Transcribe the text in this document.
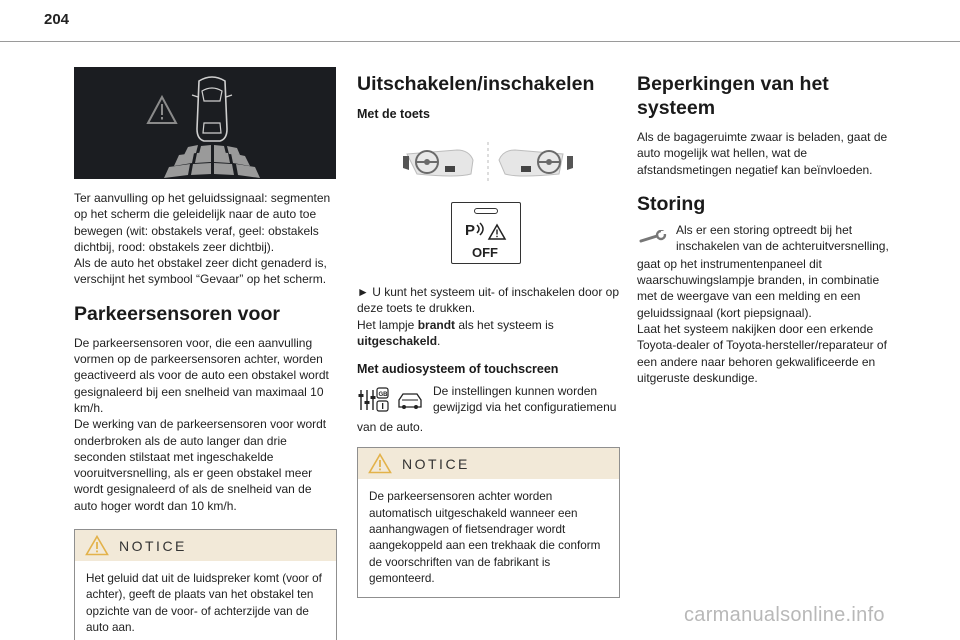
204

Ter aanvulling op het geluidssignaal: segmenten op het scherm die geleidelijk naar de auto toe bewegen (wit: obstakels veraf, geel: obstakels dichtbij, rood: obstakels zeer dichtbij).

Als de auto het obstakel zeer dicht genaderd is, verschijnt het symbool “Gevaar” op het scherm.

Parkeersensoren voor

De parkeersensoren voor, die een aanvulling vormen op de parkeersensoren achter, worden geactiveerd als voor de auto een obstakel wordt gesignaleerd bij een snelheid van maximaal 10 km/h.

De werking van de parkeersensoren voor wordt onderbroken als de auto langer dan drie seconden stilstaat met ingeschakelde vooruitversnelling, als er geen obstakel meer wordt gesignaleerd of als de snelheid van de auto hoger wordt dan 10 km/h.

NOTICE
Het geluid dat uit de luidspreker komt (voor of achter), geeft de plaats van het obstakel ten opzichte van de voor- of achterzijde van de auto aan.
Uitschakelen/inschakelen
Met de toets
P
OFF

► U kunt het systeem uit- of inschakelen door op deze toets te drukken.

Het lampje brandt als het systeem is uitgeschakeld.

Met audiosysteem of touchscreen
GB	De instellingen kunnen worden gewijzigd via het configuratiemenu

van de auto.

NOTICE
De parkeersensoren achter worden automatisch uitgeschakeld wanneer een aanhangwagen of fietsendrager wordt aangekoppeld aan een trekhaak die conform de voorschriften van de fabrikant is gemonteerd.
Beperkingen van het systeem

Als de bagageruimte zwaar is beladen, gaat de auto mogelijk wat hellen, wat de afstandsmetingen negatief kan beïnvloeden.

Storing

Als er een storing optreedt bij het inschakelen van de achteruitversnelling,

gaat op het instrumentenpaneel dit waarschuwingslampje branden, in combinatie met de weergave van een melding en een geluidssignaal (kort piepsignaal).

Laat het systeem nakijken door een erkende Toyota-dealer of Toyota-hersteller/reparateur of een andere naar behoren gekwalificeerde en uitgeruste deskundige.

carmanualsonline.info
